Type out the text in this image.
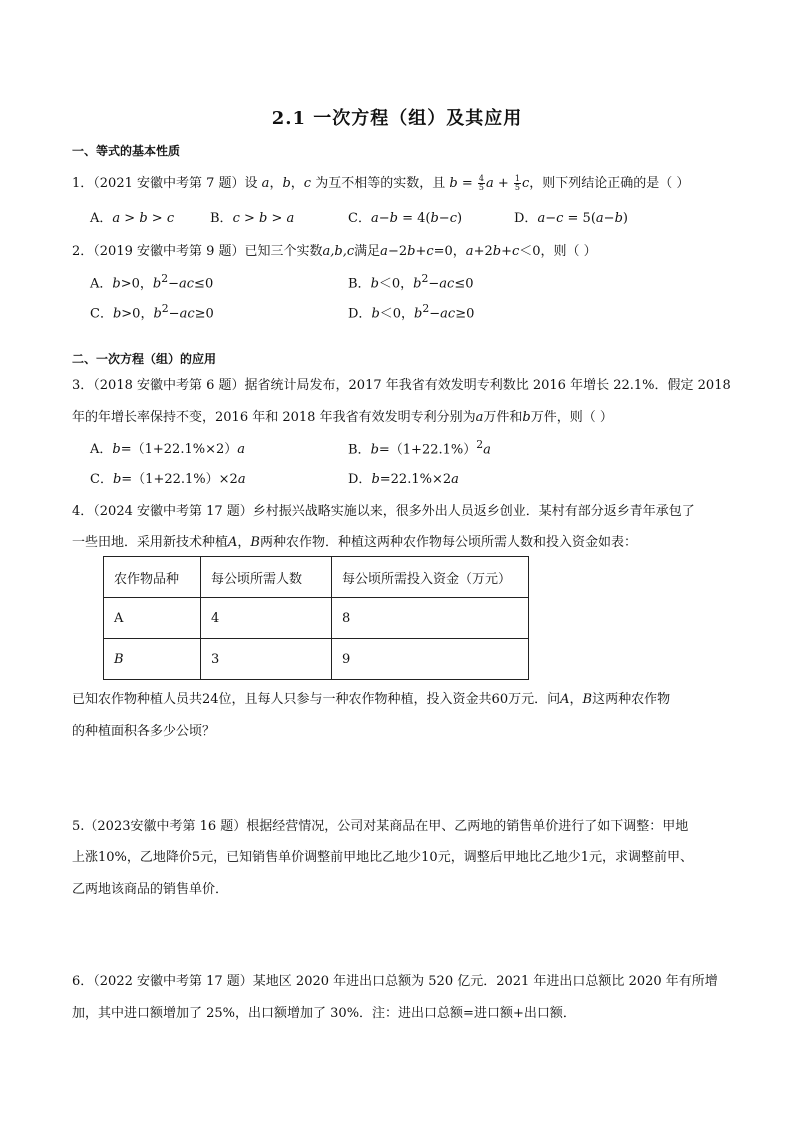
2.1 一次方程（组）及其应用
一、等式的基本性质
1．（2021 安徽中考第 7 题）设 a，b，c 为互不相等的实数，且 $b = \frac{4}{5}$ $a + \frac{1}{5}$ c，则下列结论正确的是（ ）
A．a > b > c	B．c > b > a	C．a−b = 4(b−c)	D．a−c = 5(a−b)
2．（2019 安徽中考第 9 题）已知三个实数a,b,c满足a−2b+c=0，a+2b+c＜0，则（ ）
A．b>0，$b^2-ac\le 0$	B．b＜0，$b^2-ac\le 0$
C．b>0，$b^2-ac\ge 0$	D．b＜0，$b^2-ac\ge 0$
二、一次方程（组）的应用
3．（2018 安徽中考第 6 题）据省统计局发布，2017 年我省有效发明专利数比 2016 年增长 22.1%．假定 2018
年的年增长率保持不变，2016 年和 2018 年我省有效发明专利分别为a万件和b万件，则（ ）
A．b=（1+22.1%×2）a	B．$b=(1+22.1\%)^2a$
C．b=（1+22.1%）×2a	D．b=22.1%×2a
4．（2024 安徽中考第 17 题）乡村振兴战略实施以来，很多外出人员返乡创业．某村有部分返乡青年承包了
一些田地．采用新技术种植A，B两种农作物．种植这两种农作物每公顷所需人数和投入资金如表：
农作物品种	每公顷所需人数	每公顷所需投入资金（万元）
A	4	8
B	3	9
已知农作物种植人员共24位，且每人只参与一种农作物种植，投入资金共60万元．问A，B这两种农作物
的种植面积各多少公顷？
5.（2023安徽中考第 16 题）根据经营情况，公司对某商品在甲、乙两地的销售单价进行了如下调整：甲地
上涨10%，乙地降价5元，已知销售单价调整前甲地比乙地少10元，调整后甲地比乙地少1元，求调整前甲、
乙两地该商品的销售单价．
6．（2022 安徽中考第 17 题）某地区 2020 年进出口总额为 520 亿元．2021 年进出口总额比 2020 年有所增
加，其中进口额增加了 25%，出口额增加了 30%．注：进出口总额=进口额+出口额．
